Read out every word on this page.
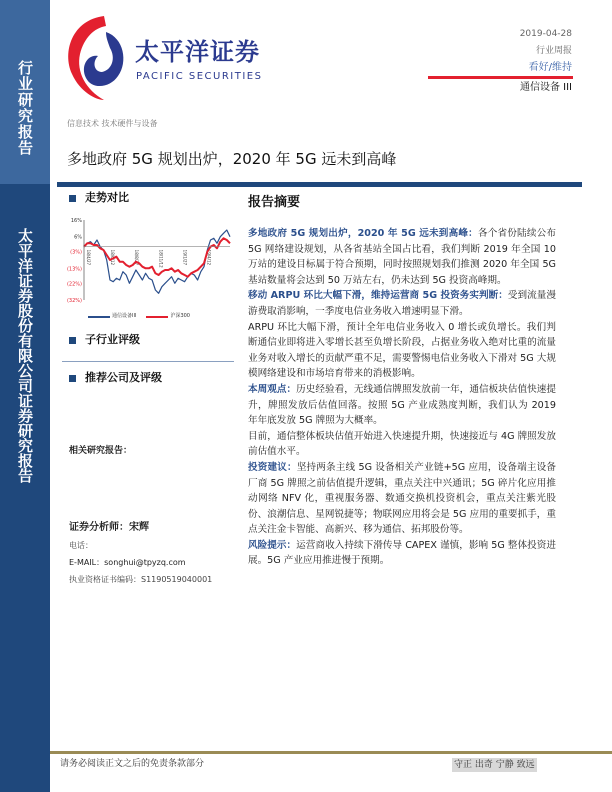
行业研究报告
太平洋证券股份有限公司证券研究报告
太平洋证券
PACIFIC SECURITIES
2019-04-28
行业周报
看好/维持
通信设备 III
信息技术 技术硬件与设备
多地政府 5G 规划出炉，2020 年 5G 远未到高峰
走势对比
16%
6%
(3%)
(13%)
(22%)
(32%)
18/4/27	18/6/12	18/8/27	18/11/12	19/1/27	19/4/12
通信设备III	沪深300
子行业评级
推荐公司及评级
相关研究报告：
证券分析师：宋辉
电话：
E-MAIL：songhui@tpyzq.com
执业资格证书编码：S1190519040001
报告摘要

多地政府 5G 规划出炉，2020 年 5G 远未到高峰：各个省份陆续公布 5G 网络建设规划，从各省基站全国占比看，我们判断 2019 年全国 10 万站的建设目标属于符合预期，同时按照规划我们推测 2020 年全国 5G 基站数量将会达到 50 万站左右，仍未达到 5G 投资高峰期。

移动 ARPU 环比大幅下滑，维持运营商 5G 投资务实判断：受到流量漫游费取消影响，一季度电信业务收入增速明显下滑。

ARPU 环比大幅下滑，预计全年电信业务收入 0 增长或负增长。我们判断通信业即将进入零增长甚至负增长阶段，占据业务收入绝对比重的流量业务对收入增长的贡献严重不足，需要警惕电信业务收入下滑对 5G 大规模网络建设和市场培育带来的消极影响。

本周观点：历史经验看，无线通信牌照发放前一年，通信板块估值快速提升，牌照发放后估值回落。按照 5G 产业成熟度判断，我们认为 2019 年年底发放 5G 牌照为大概率。

目前，通信整体板块估值开始进入快速提升期，快速接近与 4G 牌照发放前估值水平。

投资建议：坚持两条主线 5G 设备相关产业链+5G 应用，设备端主设备厂商 5G 牌照之前估值提升逻辑，重点关注中兴通讯；5G 碎片化应用推动网络 NFV 化，重视服务器、数通交换机投资机会，重点关注紫光股份、浪潮信息、星网锐捷等；物联网应用将会是 5G 应用的重要抓手，重点关注金卡智能、高新兴、移为通信、拓邦股份等。

风险提示：运营商收入持续下滑传导 CAPEX 谨慎，影响 5G 整体投资进展。5G 产业应用推进慢于预期。

请务必阅读正文之后的免责条款部分	守正 出奇 宁静 致远
